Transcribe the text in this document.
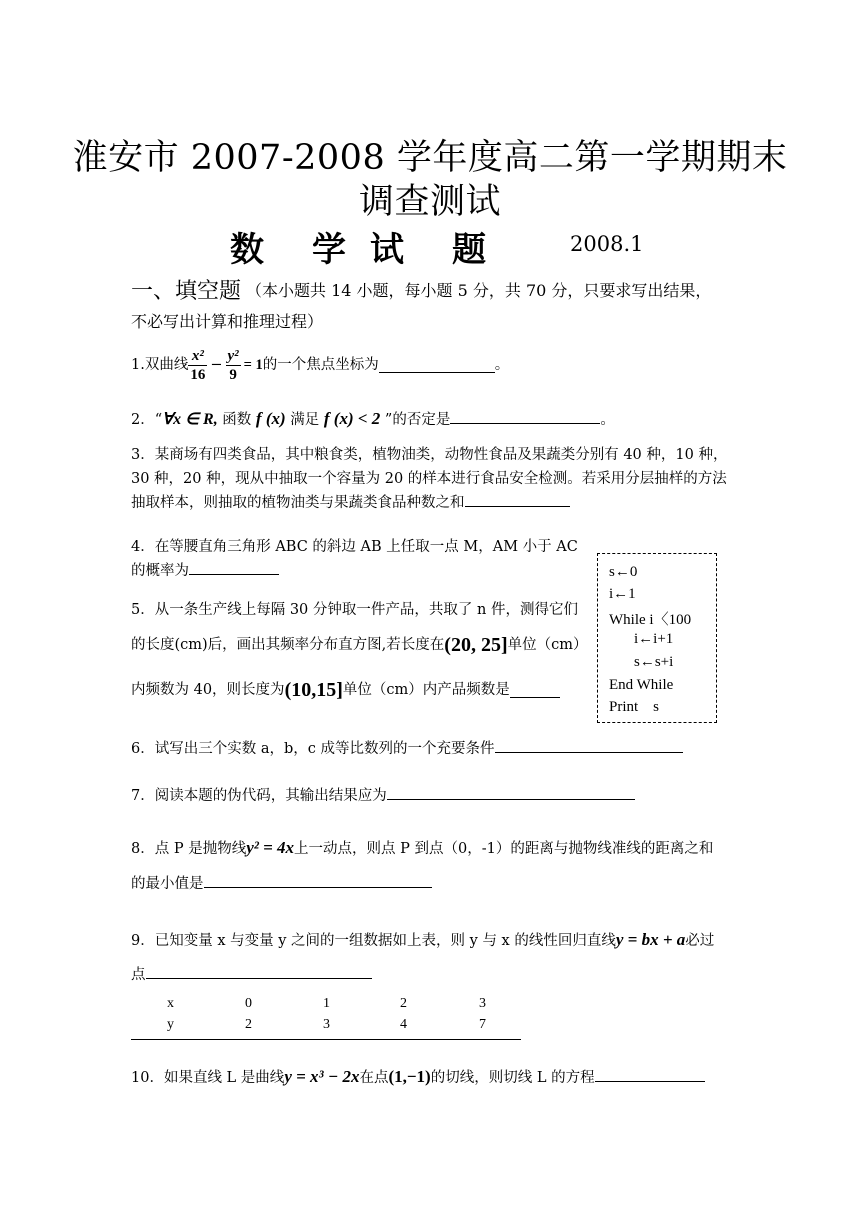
淮安市 2007-2008 学年度高二第一学期期末
调查测试
数 学 试 题	2008.1
一、填空题 （本小题共 14 小题，每小题 5 分，共 70 分，只要求写出结果，
不必写出计算和推理过程）
1.双曲线 $\frac{\text{x²}}{16} - \frac{\text{y²}}{9} = 1$ 的一个焦点坐标为	。
2．“∀x ∈ R, 函数 f (x) 满足 f (x) < 2 ”的否定是	。
3．某商场有四类食品，其中粮食类，植物油类，动物性食品及果蔬类分别有 40 种，10 种，
30 种，20 种，现从中抽取一个容量为 20 的样本进行食品安全检测。若采用分层抽样的方法
抽取样本，则抽取的植物油类与果蔬类食品种数之和
4．在等腰直角三角形 ABC 的斜边 AB 上任取一点 M，AM 小于 AC
的概率为
5．从一条生产线上每隔 30 分钟取一件产品，共取了 n 件，测得它们
的长度(cm)后，画出其频率分布直方图,若长度在 (20, 25] 单位（cm）
内频数为 40，则长度为 (10,15] 单位（cm）内产品频数是
s←0
i←1
While i〈100
i←i+1
s←s+i
End While
Print    s
6．试写出三个实数 a，b，c 成等比数列的一个充要条件
7．阅读本题的伪代码，其输出结果应为
8．点 P 是抛物线y² = 4x上一动点，则点 P 到点（0，-1）的距离与抛物线准线的距离之和
的最小值是
9．已知变量 x 与变量 y 之间的一组数据如上表，则 y 与 x 的线性回归直线y = bx + a必过
点
x	0	1	2	3
y	2	3	4	7
10．如果直线 L 是曲线y = x³ − 2x在点(1,−1)的切线，则切线 L 的方程
